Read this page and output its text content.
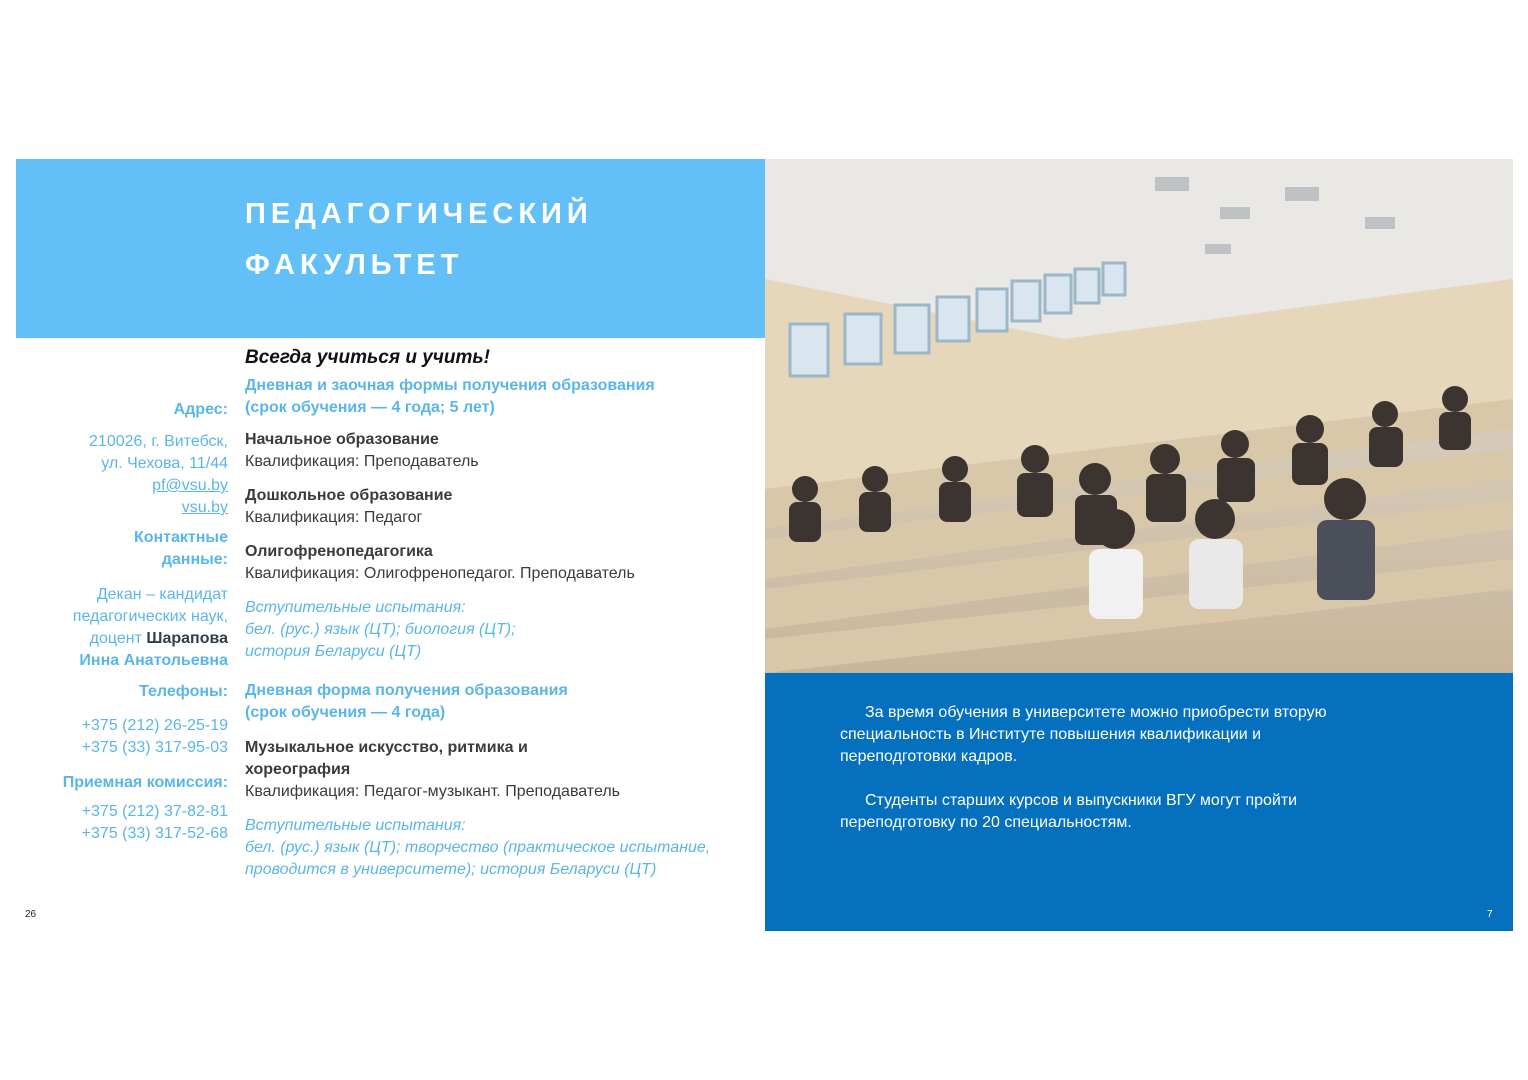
ПЕДАГОГИЧЕСКИЙ
ФАКУЛЬТЕТ
Адрес:
210026, г. Витебск,
ул. Чехова, 11/44
pf@vsu.by
vsu.by
Контактные
данные:
Декан – кандидат
педагогических наук,
доцент Шарапова
Инна Анатольевна
Телефоны:
+375 (212) 26-25-19
+375 (33) 317-95-03
Приемная комиссия:
+375 (212) 37-82-81
+375 (33) 317-52-68
Всегда учиться и учить!
Дневная и заочная формы получения образования
(срок обучения — 4 года; 5 лет)
Начальное образование
Квалификация: Преподаватель
Дошкольное образование
Квалификация: Педагог
Олигофренопедагогика
Квалификация: Олигофренопедагог. Преподаватель
Вступительные испытания:
бел. (рус.) язык (ЦТ); биология (ЦТ);
история Беларуси (ЦТ)
Дневная форма получения образования
(срок обучения — 4 года)
Музыкальное искусство, ритмика и
хореография
Квалификация: Педагог-музыкант. Преподаватель
Вступительные испытания:
бел. (рус.) язык (ЦТ); творчество (практическое испытание,
проводится в университете); история Беларуси (ЦТ)

За время обучения в университете можно приобрести вторую специальность в Институте повышения квалификации и переподготовки кадров.

Студенты старших курсов и выпускники ВГУ могут пройти переподготовку по 20 специальностям.

26	7
